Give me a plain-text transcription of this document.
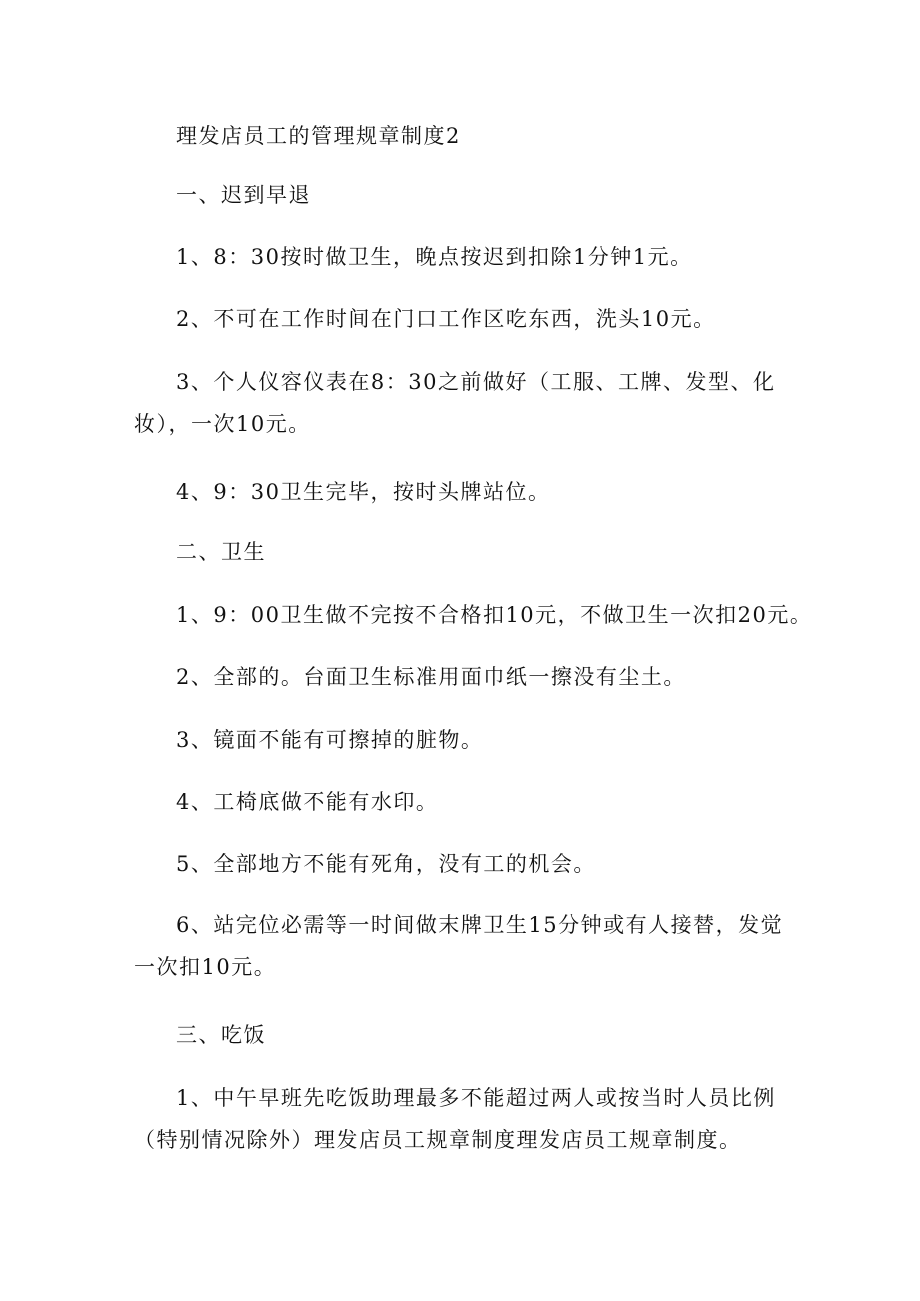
理发店员工的管理规章制度2

一、迟到早退

1、8：30按时做卫生，晚点按迟到扣除1分钟1元。

2、不可在工作时间在门口工作区吃东西，洗头10元。

3、个人仪容仪表在8：30之前做好（工服、工牌、发型、化妆），一次10元。

4、9：30卫生完毕，按时头牌站位。

二、卫生

1、9：00卫生做不完按不合格扣10元，不做卫生一次扣20元。

2、全部的。台面卫生标准用面巾纸一擦没有尘土。

3、镜面不能有可擦掉的脏物。

4、工椅底做不能有水印。

5、全部地方不能有死角，没有工的机会。

6、站完位必需等一时间做末牌卫生15分钟或有人接替，发觉一次扣10元。

三、吃饭

1、中午早班先吃饭助理最多不能超过两人或按当时人员比例（特别情况除外）理发店员工规章制度理发店员工规章制度。
